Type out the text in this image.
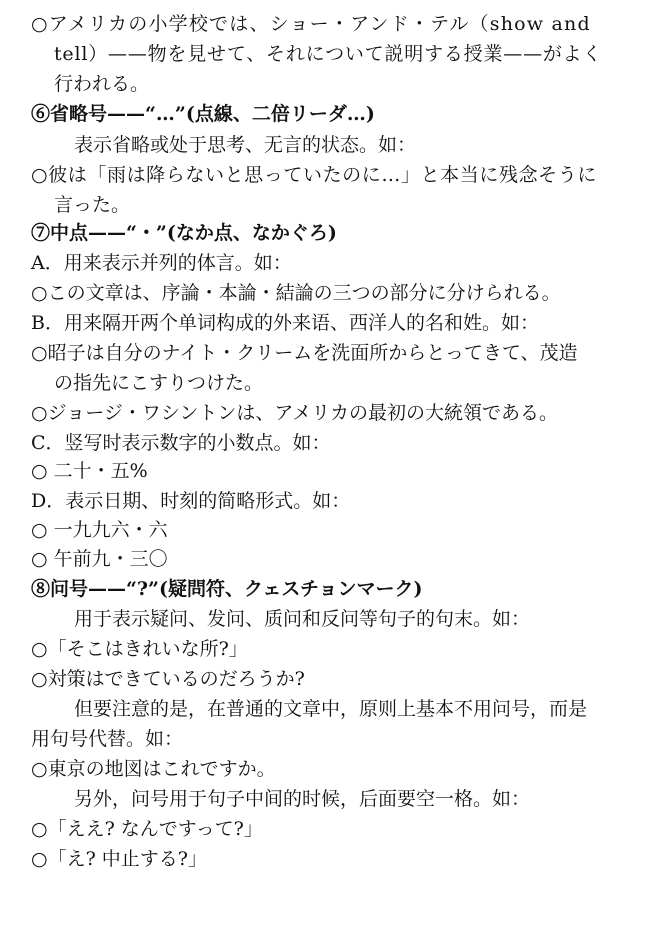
○アメリカの小学校では、ショー・アンド・テル（show and
tell）——物を見せて、それについて説明する授業——がよく
行われる。
⑥省略号——“…”(点線、二倍リーダ…)
表示省略或处于思考、无言的状态。如：
○彼は「雨は降らないと思っていたのに…」と本当に残念そうに
言った。
⑦中点——“・”(なか点、なかぐろ)
A．用来表示并列的体言。如：
○この文章は、序論・本論・結論の三つの部分に分けられる。
B．用来隔开两个单词构成的外来语、西洋人的名和姓。如：
○昭子は自分のナイト・クリームを洗面所からとってきて、茂造
の指先にこすりつけた。
○ジョージ・ワシントンは、アメリカの最初の大統領である。
C．竖写时表示数字的小数点。如：
○ 二十・五%
D．表示日期、时刻的简略形式。如：
○ 一九九六・六
○ 午前九・三〇
⑧问号——“?”(疑問符、クェスチョンマーク)
用于表示疑问、发问、质问和反问等句子的句末。如：
○「そこはきれいな所?」
○対策はできているのだろうか?
但要注意的是，在普通的文章中，原则上基本不用问号，而是
用句号代替。如：
○東京の地図はこれですか。
另外，问号用于句子中间的时候，后面要空一格。如：
○「ええ? なんですって?」
○「え? 中止する?」
